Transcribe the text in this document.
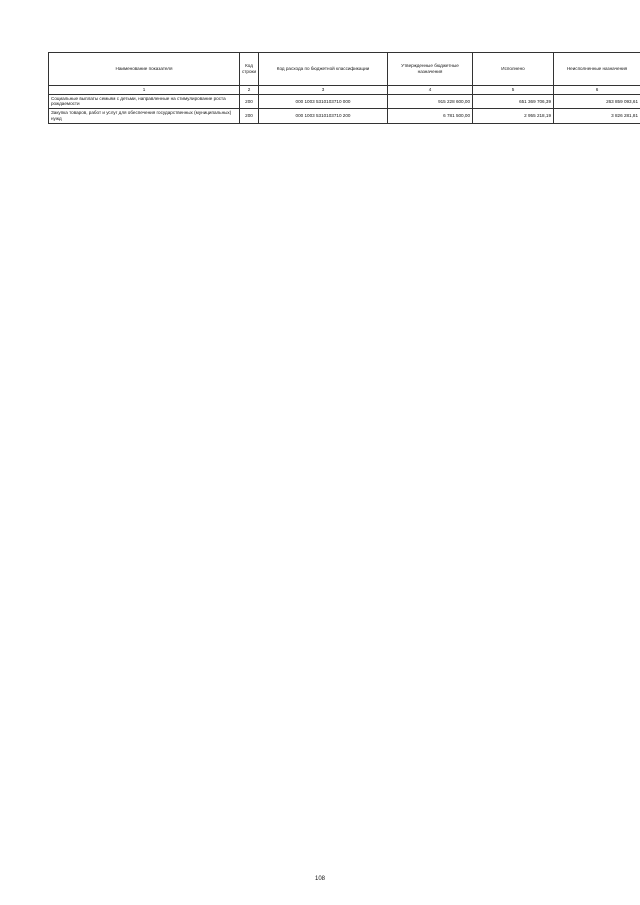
Наименование показателя	Код строки	Код расхода по бюджетной классификации	Утвержденные бюджетные назначения	Исполнено	Неисполненные назначения
1	2	3	4	5	6
Социальные выплаты семьям с детьми, направленные на стимулирование роста рождаемости	200	000 1003 5310103710 000	915 228 600,00	651 369 706,39	263 859 093,61
Закупка товаров, работ и услуг для обеспечения государственных (муниципальных) нужд	200	000 1003 5310103710 200	6 781 500,00	2 955 218,19	3 826 281,81
108
